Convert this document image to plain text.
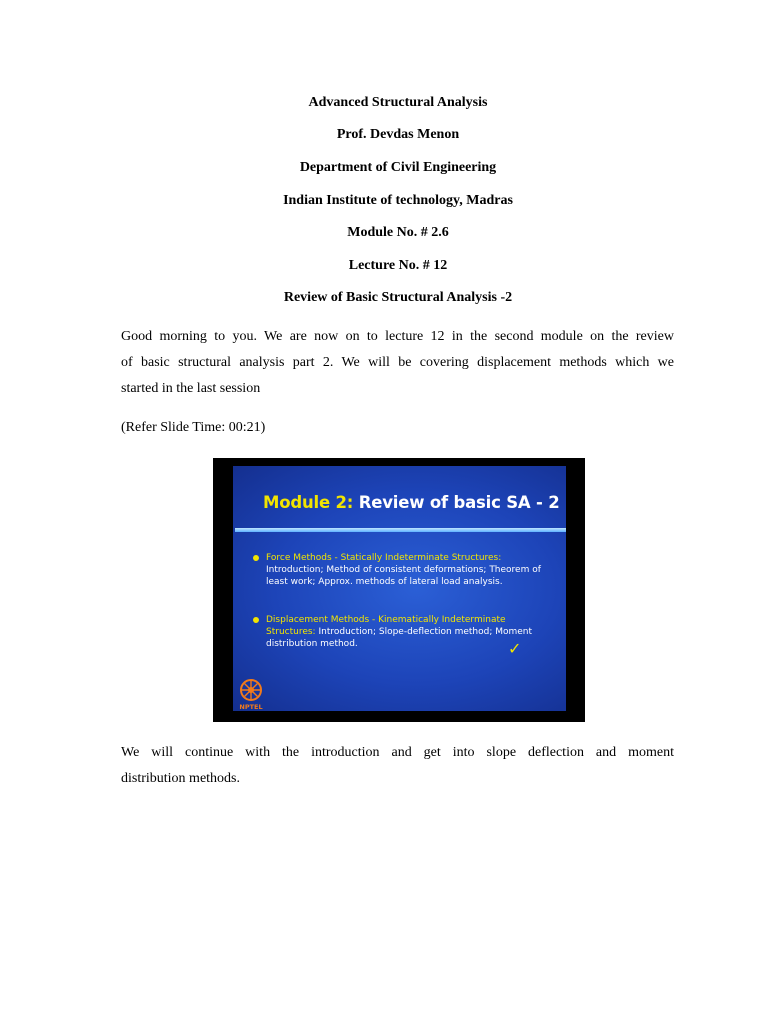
Advanced Structural Analysis
Prof. Devdas Menon
Department of Civil Engineering
Indian Institute of technology, Madras
Module No. # 2.6
Lecture No. # 12
Review of Basic Structural Analysis -2
Good morning to you. We are now on to lecture 12 in the second module on the review
of basic structural analysis part 2. We will be covering displacement methods which we
started in the last session
(Refer Slide Time: 00:21)
Module 2: Review of basic SA - 2
Force Methods - Statically Indeterminate Structures: Introduction; Method of consistent deformations; Theorem of least work; Approx. methods of lateral load analysis.
Displacement Methods - Kinematically Indeterminate Structures: Introduction; Slope-deflection method; Moment distribution method.	✓
NPTEL
We will continue with the introduction and get into slope deflection and moment
distribution methods.
